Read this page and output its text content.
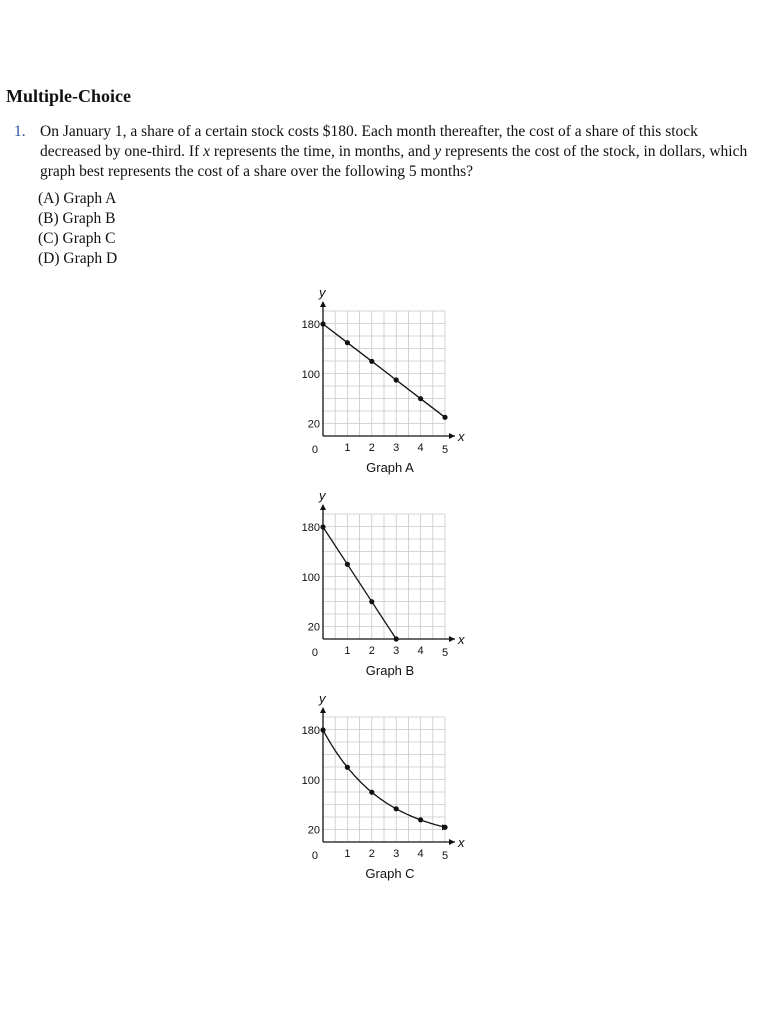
Multiple-Choice
1. On January 1, a share of a certain stock costs $180. Each month thereafter, the cost of a share of this stock decreased by one-third. If x represents the time, in months, and y represents the cost of the stock, in dollars, which graph best represents the cost of a share over the following 5 months?
(A) Graph A
(B) Graph B
(C) Graph C
(D) Graph D
x
y
20
100
180
0 1 2 3 4 5
Graph A
x
y
20
100
180
0 1 2 3 4 5
Graph B
x
y
20
100
180
0 1 2 3 4 5
Graph C
